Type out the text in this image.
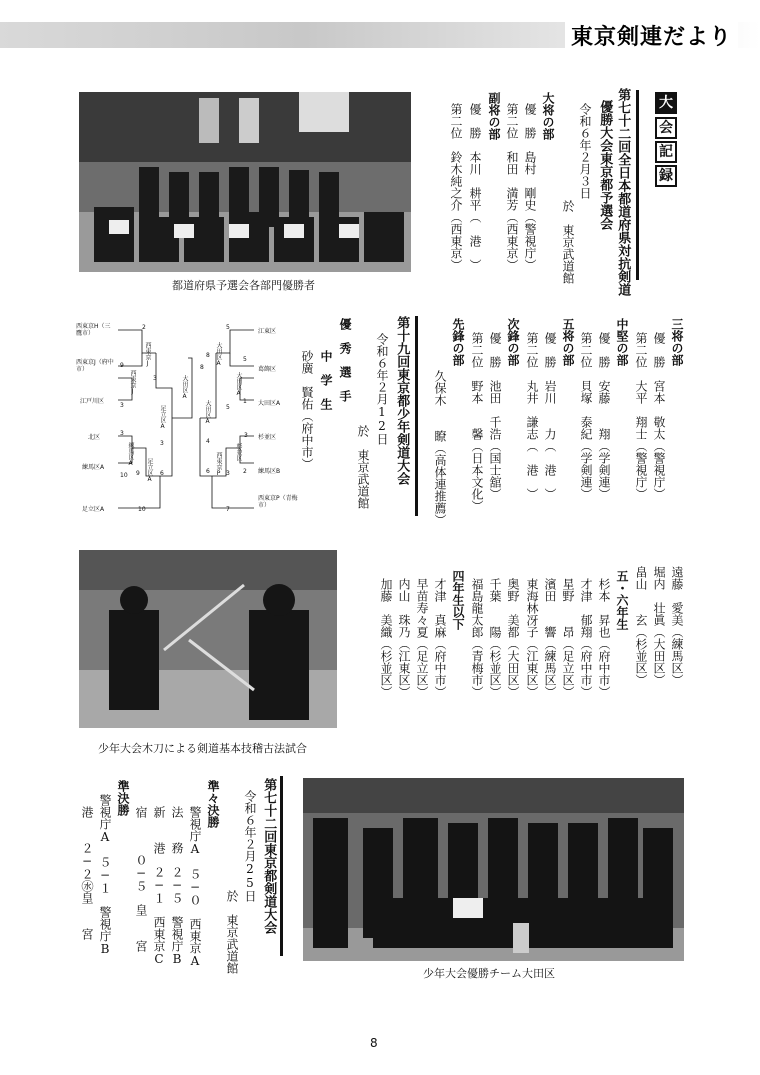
東京剣連だより
都道府県予選会各部門優勝者
大
会
記
録
第七十二回全日本都道府県対抗剣道
優勝大会東京都予選会
令和６年２月３日
於　東京武道館
大将の部
優　勝　島村　剛史（警視庁）
第二位　和田　満芳（西東京）
副将の部
優　勝　本川　耕平（　港　）
第二位　鈴木純之介（西東京）
三将の部
優　勝　宮本　敬太（警視庁）
第二位　大平　翔士（警視庁）
中堅の部
優　勝　安藤　　翔（学剣連）
第二位　貝塚　泰紀（学剣連）
五将の部
優　勝　岩川　　力（　港　）
第二位　丸井　謙志（　港　）
次鋒の部
優　勝　池田　千浩（国士舘）
第二位　野本　　馨（日本文化）
先鋒の部
久保木　　瞭（高体連推薦）
第十九回東京都少年剣道大会
令和６年２月12日
於　東京武道館
優　秀　選　手
中　学　生
砂廣　賢佑（府中市）
西東京H（三鷹市）
西東京J（府中市）
江戸川区
北区
練馬区A
足立区A
江東区
葛飾区
大田区A
杉並区
練馬区B
西東京P（青梅市）
西東京J
西東京J
練馬区A
足立区A
足立区A
大田区A
大田区A
大田区A
杉並区
西東京P
大田区A
2
9
3
10
3
9
3
3
10
6
5
5
5
1
3 2
7
4
3
6
8
8
遠藤　愛美（練馬区）
堀内　壮眞（大田区）
畠山　　玄（杉並区）
五・六年生
杉本　昇也（府中市）
才津　郁翔（府中市）
星野　　昂（足立区）
濱田　　響（練馬区）
東海林冴子（江東区）
奥野　美都（大田区）
千葉　　陽（杉並区）
福島龍太郎（青梅市）
四年生以下
才津　真麻（府中市）
早苗寿々夏（足立区）
内山　珠乃（江東区）
加藤　美織（杉並区）
少年大会木刀による剣道基本技稽古法試合
第七十二回東京都剣道大会
令和６年２月25日
於　東京武道館
準々決勝
警視庁A　５−０　西東京A
法　　務　２−５　警視庁B
新　　港　２−１　西東京C
宿　　　０−５　皇　　宮
準決勝
警視庁A　５−１　警視庁B
港　　２−２㊌皇　　宮
少年大会優勝チーム大田区
8
